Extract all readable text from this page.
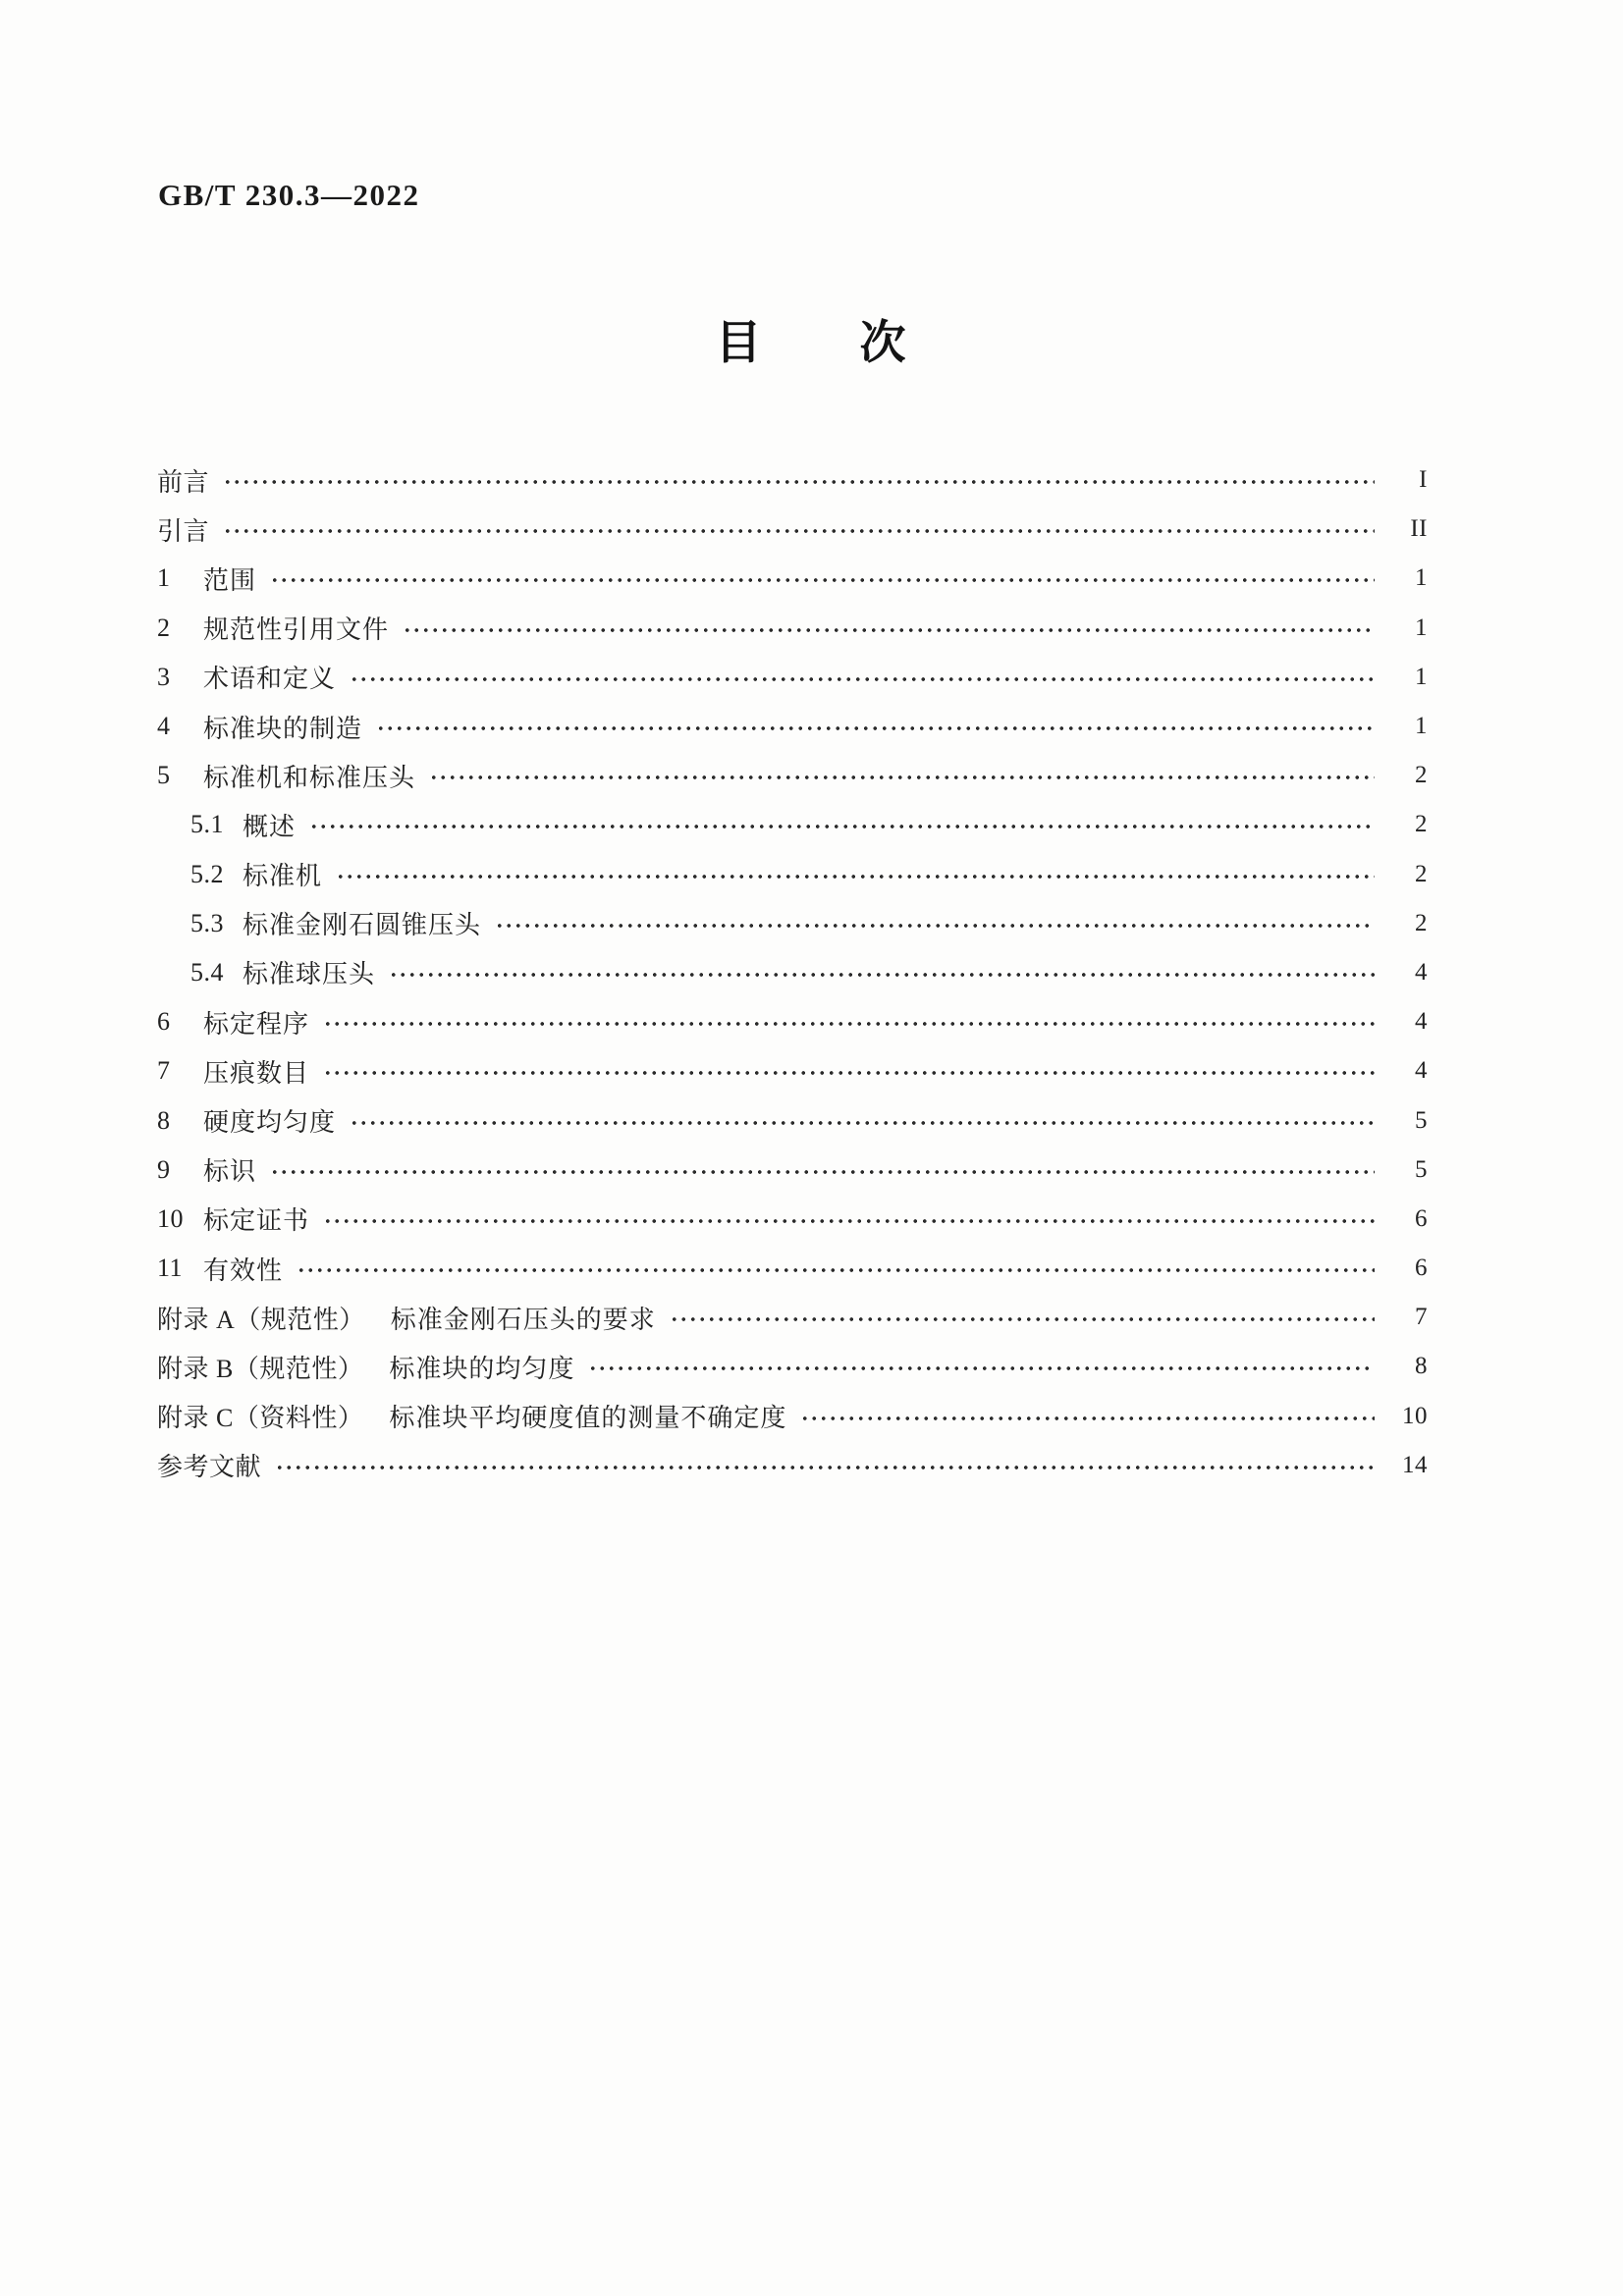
GB/T 230.3—2022
目　　次
前言	I
引言	II
1	范围	1
2	规范性引用文件	1
3	术语和定义	1
4	标准块的制造	1
5	标准机和标准压头	2
5.1 概述	2
5.2 标准机	2
5.3 标准金刚石圆锥压头	2
5.4 标准球压头	4
6	标定程序	4
7	压痕数目	4
8	硬度均匀度	5
9	标识	5
10 标定证书	6
11 有效性	6
附录 A（规范性） 标准金刚石压头的要求	7
附录 B（规范性） 标准块的均匀度	8
附录 C（资料性） 标准块平均硬度值的测量不确定度	10
参考文献	14
